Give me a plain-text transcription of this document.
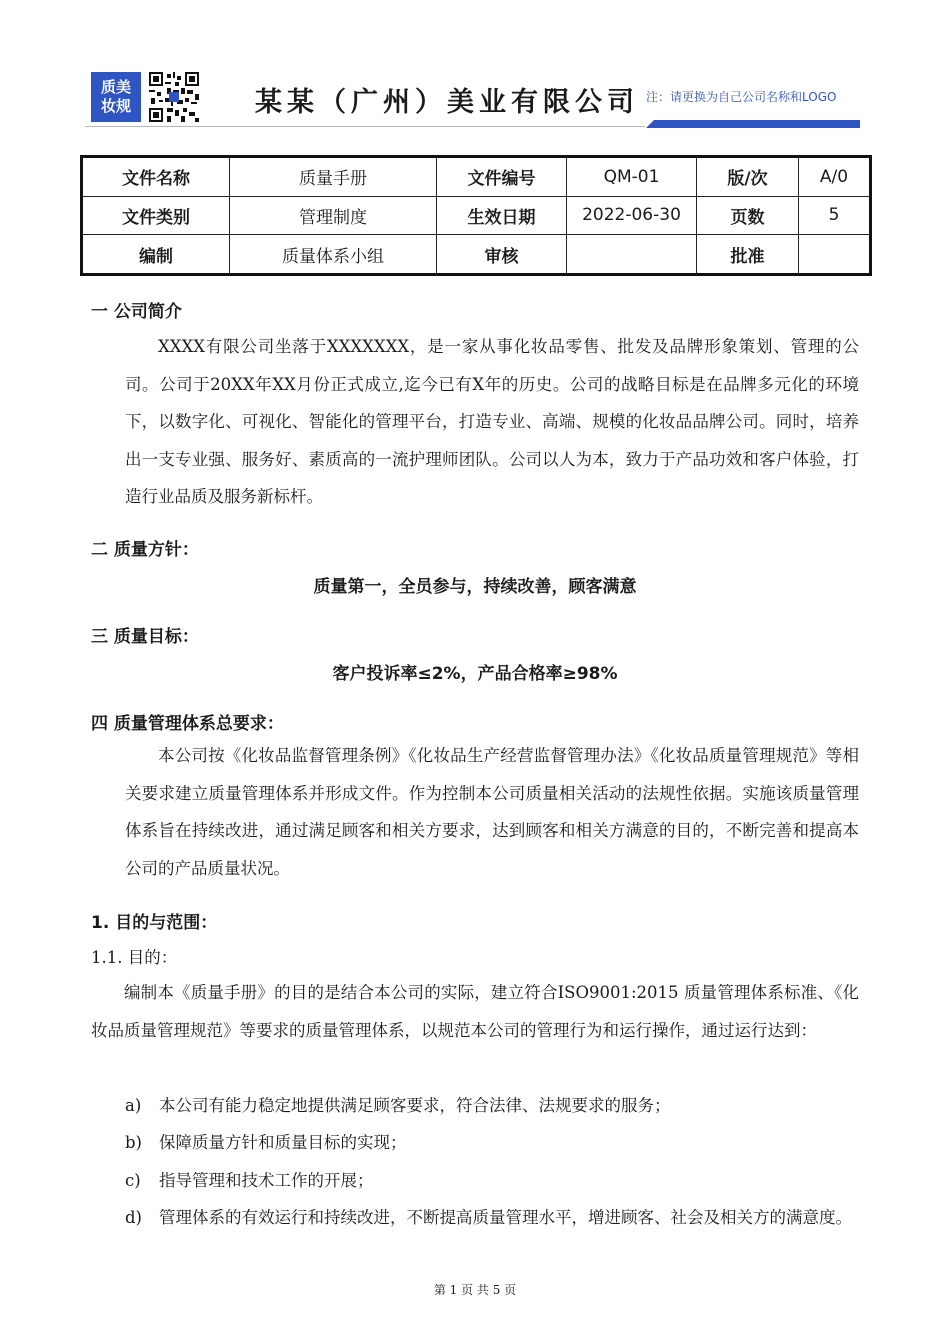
质美 妆规	某某（广州）美业有限公司 注：请更换为自己公司名称和LOGO
文件名称	质量手册	文件编号	QM-01	版/次	A/0
文件类别	管理制度	生效日期	2022-06-30	页数	5
编制	质量体系小组	审核		批准	
一 公司简介
XXXX有限公司坐落于XXXXXXX，是一家从事化妆品零售、批发及品牌形象策划、管理的公司。公司于20XX年XX月份正式成立,迄今已有X年的历史。公司的战略目标是在品牌多元化的环境下，以数字化、可视化、智能化的管理平台，打造专业、高端、规模的化妆品品牌公司。同时，培养出一支专业强、服务好、素质高的一流护理师团队。公司以人为本，致力于产品功效和客户体验，打造行业品质及服务新标杆。
二 质量方针：
质量第一，全员参与，持续改善，顾客满意
三 质量目标：
客户投诉率≤2%，产品合格率≥98%
四 质量管理体系总要求：
本公司按《化妆品监督管理条例》《化妆品生产经营监督管理办法》《化妆品质量管理规范》等相关要求建立质量管理体系并形成文件。作为控制本公司质量相关活动的法规性依据。实施该质量管理体系旨在持续改进，通过满足顾客和相关方要求，达到顾客和相关方满意的目的，不断完善和提高本公司的产品质量状况。
1. 目的与范围：
1.1. 目的：
编制本《质量手册》的目的是结合本公司的实际，建立符合ISO9001:2015 质量管理体系标准、《化妆品质量管理规范》等要求的质量管理体系，以规范本公司的管理行为和运行操作，通过运行达到：
a) 本公司有能力稳定地提供满足顾客要求，符合法律、法规要求的服务；
b) 保障质量方针和质量目标的实现；
c) 指导管理和技术工作的开展；
d)	管理体系的有效运行和持续改进，不断提高质量管理水平，增进顾客、社会及相关方的满意度。
第 1 页 共 5 页
